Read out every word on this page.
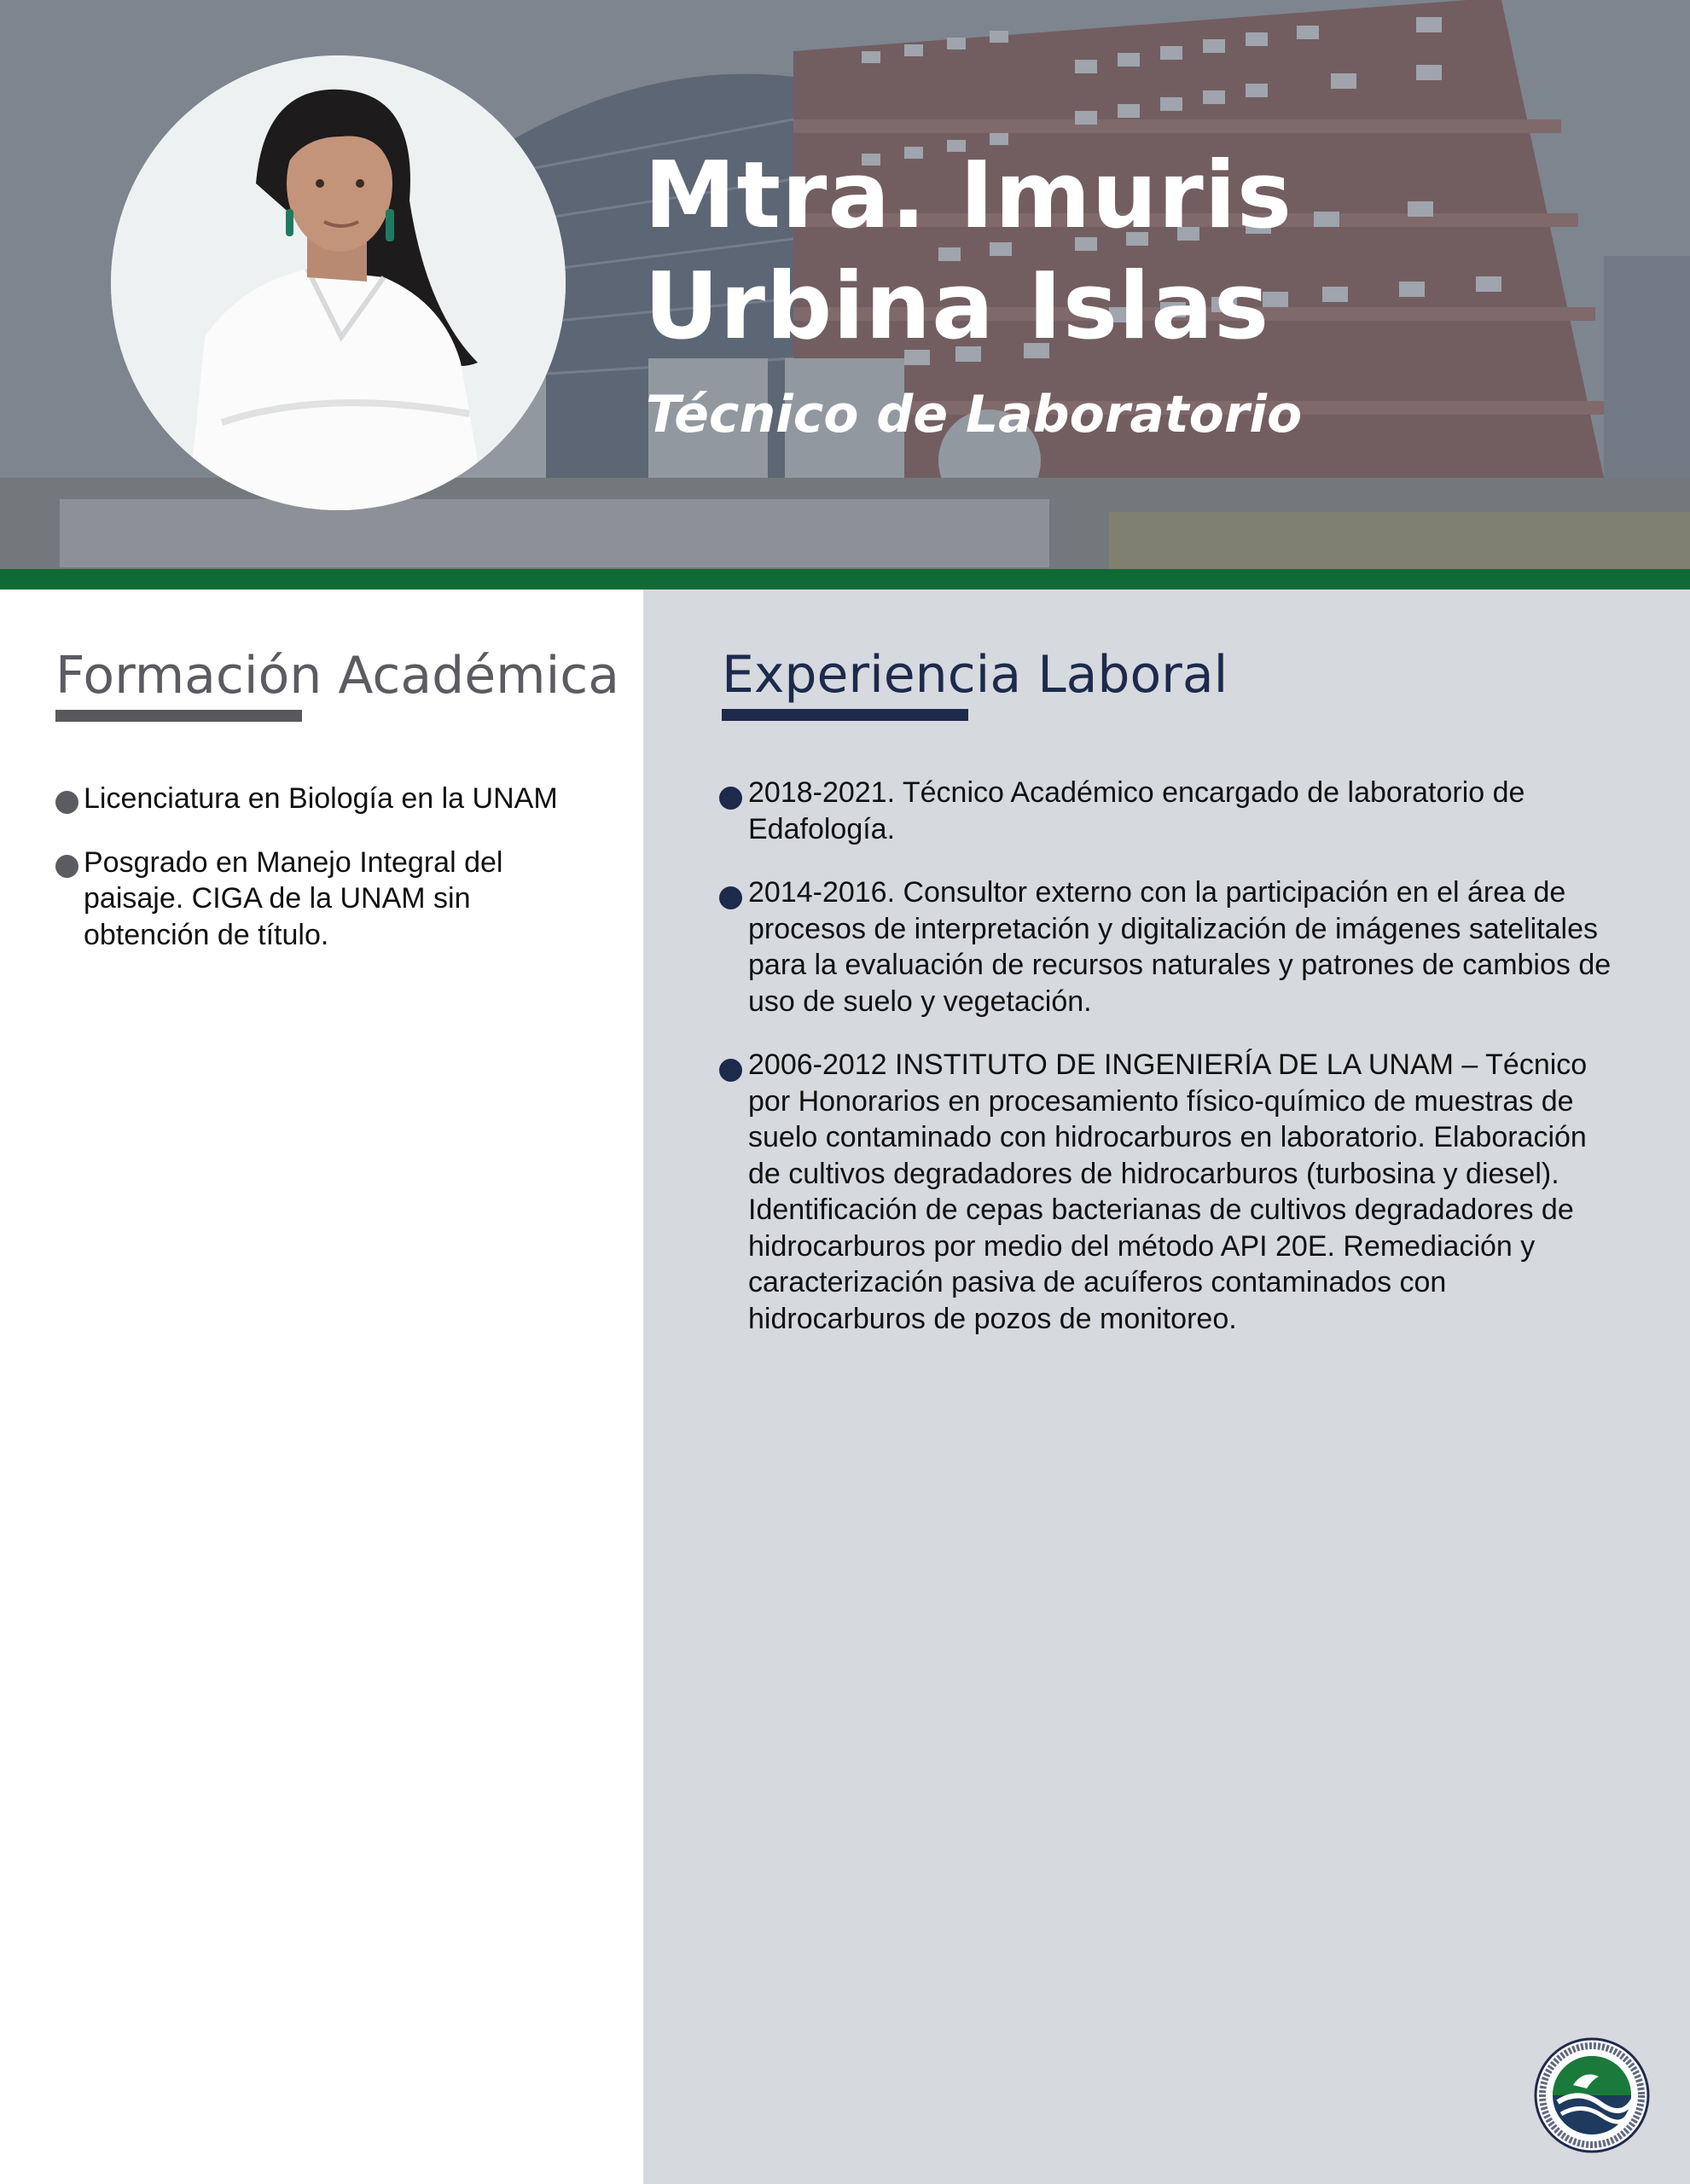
Mtra. Imuris
Urbina Islas
Técnico de Laboratorio
Formación Académica
Licenciatura en Biología en la UNAM
Posgrado en Manejo Integral del paisaje. CIGA de la UNAM sin obtención de título.
Experiencia Laboral
2018-2021. Técnico Académico encargado de laboratorio de Edafología.
2014-2016. Consultor externo con la participación en el área de procesos de interpretación y digitalización de imágenes satelitales para la evaluación de recursos naturales y patrones de cambios de uso de suelo y vegetación.
2006-2012 INSTITUTO DE INGENIERÍA DE LA UNAM – Técnico por Honorarios en procesamiento físico-químico de muestras de suelo contaminado con hidrocarburos en laboratorio. Elaboración de cultivos degradadores de hidrocarburos (turbosina y diesel). Identificación de cepas bacterianas de cultivos degradadores de hidrocarburos por medio del método API 20E. Remediación y caracterización pasiva de acuíferos contaminados con hidrocarburos de pozos de monitoreo.
